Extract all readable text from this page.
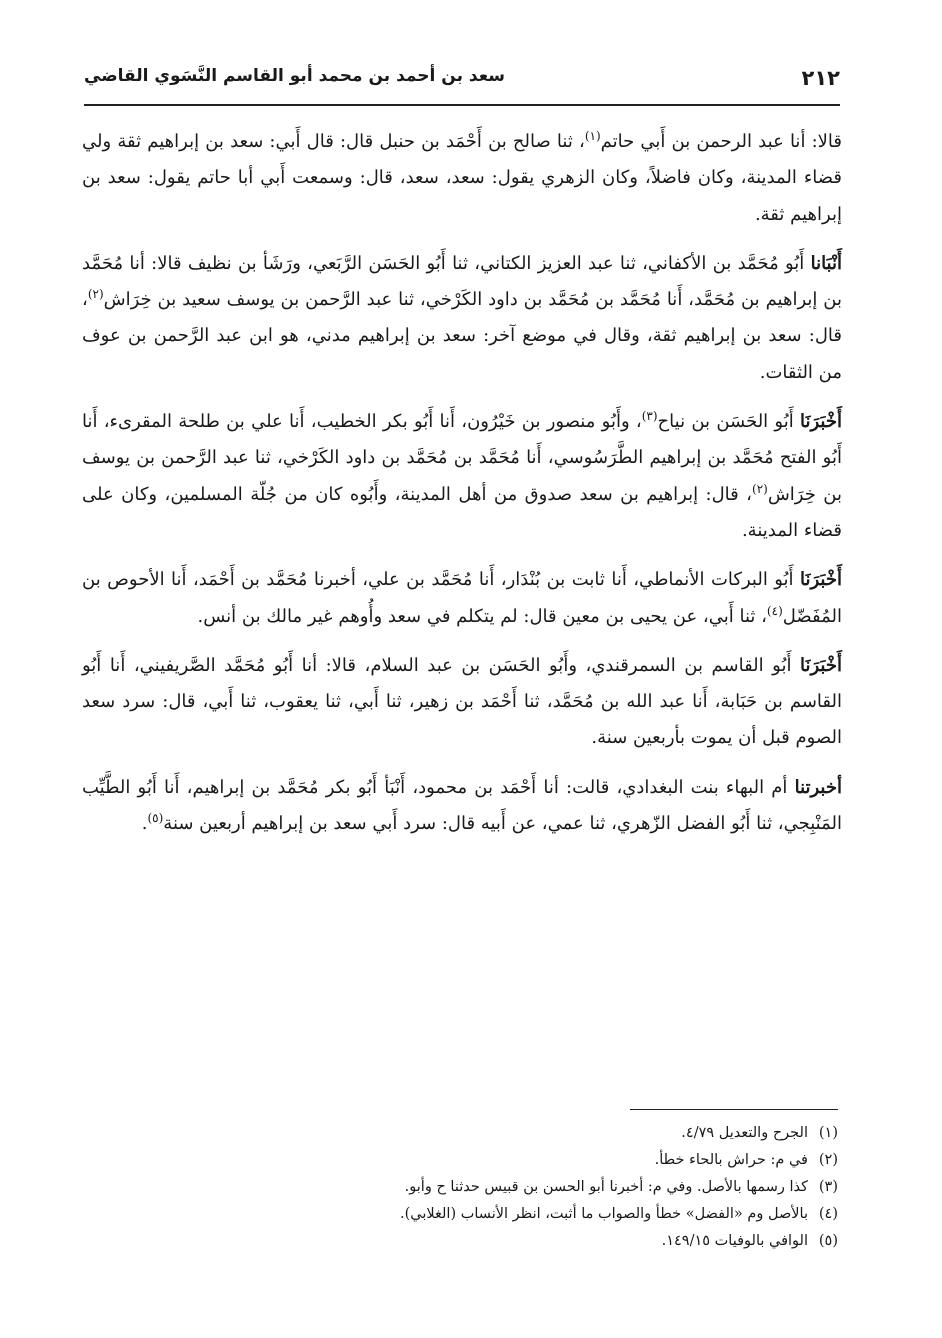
٢١٢
سعد بن أحمد بن محمد أبو القاسم النَّسَوي القاضي

قالا: أنا عبد الرحمن بن أَبي حاتم$^{(١)}$، ثنا صالح بن أَحْمَد بن حنبل قال: قال أَبي: سعد بن إبراهيم ثقة ولي قضاء المدينة، وكان فاضلاً، وكان الزهري يقول: سعد، سعد، قال: وسمعت أَبي أبا حاتم يقول: سعد بن إبراهيم ثقة.

أَنْبَانا أَبُو مُحَمَّد بن الأكفاني، ثنا عبد العزيز الكتاني، ثنا أَبُو الحَسَن الرَّبَعي، ورَشَأ بن نظيف قالا: أنا مُحَمَّد بن إبراهيم بن مُحَمَّد، أَنا مُحَمَّد بن مُحَمَّد بن داود الكَرْخي، ثنا عبد الرَّحمن بن يوسف سعيد بن خِرَاش$^{(٢)}$، قال: سعد بن إبراهيم ثقة، وقال في موضع آخر: سعد بن إبراهيم مدني، هو ابن عبد الرَّحمن بن عوف من الثقات.

أَخْبَرَنَا أَبُو الحَسَن بن نياح$^{(٣)}$، وأَبُو منصور بن خَيْرُون، أَنا أَبُو بكر الخطيب، أَنا علي بن طلحة المقرىء، أَنا أَبُو الفتح مُحَمَّد بن إبراهيم الطَّرَسُوسي، أَنا مُحَمَّد بن مُحَمَّد بن داود الكَرْخي، ثنا عبد الرَّحمن بن يوسف بن خِرَاش$^{(٢)}$، قال: إبراهيم بن سعد صدوق من أهل المدينة، وأَبُوه كان من جُلّة المسلمين، وكان على قضاء المدينة.

أَخْبَرَنَا أَبُو البركات الأنماطي، أَنا ثابت بن بُنْدَار، أَنا مُحَمَّد بن علي، أخبرنا مُحَمَّد بن أَحْمَد، أَنا الأحوص بن المُفَضّل$^{(٤)}$، ثنا أَبي، عن يحيى بن معين قال: لم يتكلم في سعد وأُوهم غير مالك بن أنس.

أَخْبَرَنَا أَبُو القاسم بن السمرقندي، وأَبُو الحَسَن بن عبد السلام، قالا: أنا أَبُو مُحَمَّد الصَّريفيني، أَنا أَبُو القاسم بن حَبَابة، أَنا عبد الله بن مُحَمَّد، ثنا أَحْمَد بن زهير، ثنا أَبي، ثنا يعقوب، ثنا أَبي، قال: سرد سعد الصوم قبل أن يموت بأربعين سنة.

أخبرتنا أم البهاء بنت البغدادي، قالت: أنا أَحْمَد بن محمود، أَنْبَأ أَبُو بكر مُحَمَّد بن إبراهيم، أَنا أَبُو الطَّيِّب المَنْبِجي، ثنا أَبُو الفضل الزّهري، ثنا عمي، عن أَبيه قال: سرد أَبي سعد بن إبراهيم أربعين سنة$^{(٥)}$.

(١)الجرح والتعديل ٤/٧٩.
(٢)في م: حراش بالحاء خطأ.
(٣)كذا رسمها بالأصل. وفي م: أخبرنا أبو الحسن بن قبيس حدثنا ح وأبو.
(٤)بالأصل وم «الفضل» خطأ والصواب ما أثبت، انظر الأنساب (الغلابي).
(٥)الوافي بالوفيات ١٤٩/١٥.
